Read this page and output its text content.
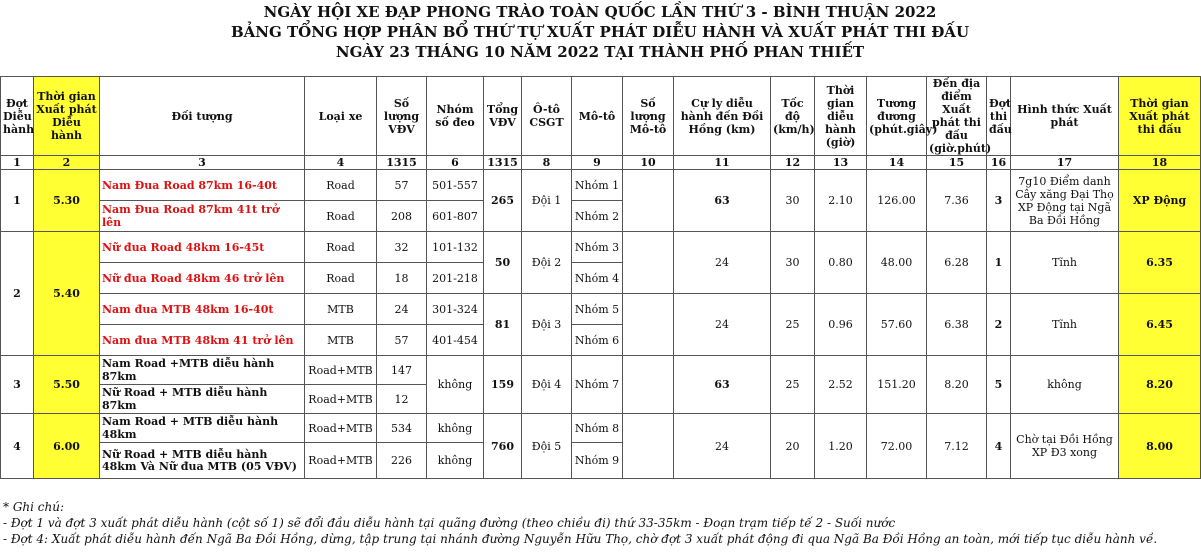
NGÀY HỘI XE ĐẠP PHONG TRÀO TOÀN QUỐC LẦN THỨ 3 - BÌNH THUẬN 2022
BẢNG TỔNG HỢP PHÂN BỔ THỨ TỰ XUẤT PHÁT DIỄU HÀNH VÀ XUẤT PHÁT THI ĐẤU
NGÀY 23 THÁNG 10 NĂM 2022 TẠI THÀNH PHỐ PHAN THIẾT
Đợt Diễu hành	Thời gian Xuất phát Diễu hành	Đối tượng	Loại xe	Số lượng VĐV	Nhóm số đeo	Tổng VĐV	Ô-tô CSGT	Mô-tô	Số lượng Mô-tô	Cự ly diễu hành đến Đồi Hồng (km)	Tốc độ (km/h)	Thời gian diễu hành (giờ)	Tương đương (phút.giây)	Đến địa điểm Xuất phát thi đấu (giờ.phút)	Đợt thi đấu	Hình thức Xuất phát	Thời gian Xuất phát thi đấu
1	2	3	4	1315	6	1315	8	9	10	11	12	13	14	15	16	17	18
1	5.30	Nam Đua Road 87km 16-40t	Road	57	501-557	265	Đội 1	Nhóm 1		63	30	2.10	126.00	7.36	3	7g10 Điểm danh Cây xăng Đại Thọ XP Động tại Ngã Ba Đồi Hồng	XP Động
		Nam Đua Road 87km 41t trở lên	Road	208	601-807			Nhóm 2									
2	5.40	Nữ đua Road 48km 16-45t	Road	32	101-132	50	Đội 2	Nhóm 3		24	30	0.80	48.00	6.28	1	Tĩnh	6.35
		Nữ đua Road 48km 46 trở lên	Road	18	201-218			Nhóm 4									
		Nam đua MTB 48km 16-40t	MTB	24	301-324	81	Đội 3	Nhóm 5		24	25	0.96	57.60	6.38	2	Tĩnh	6.45
		Nam đua MTB 48km 41 trở lên	MTB	57	401-454			Nhóm 6									
3	5.50	Nam Road +MTB diễu hành 87km	Road+MTB	147	không	159	Đội 4	Nhóm 7		63	25	2.52	151.20	8.20	5	không	8.20
		Nữ Road + MTB diễu hành 87km	Road+MTB	12													
4	6.00	Nam Road + MTB diễu hành 48km	Road+MTB	534	không	760	Đội 5	Nhóm 8		24	20	1.20	72.00	7.12	4	Chờ tại Đồi Hồng XP Đ3 xong	8.00
		Nữ Road + MTB diễu hành 48km Và Nữ đua MTB (05 VĐV)	Road+MTB	226	không			Nhóm 9									
* Ghi chú:
- Đợt 1 và đợt 3 xuất phát diễu hành (cột số 1) sẽ đổi đầu diễu hành tại quãng đường (theo chiều đi) thứ 33-35km - Đoạn trạm tiếp tế 2 - Suối nước
- Đợt 4: Xuất phát diễu hành đến Ngã Ba Đồi Hồng, dừng, tập trung tại nhánh đường Nguyễn Hữu Thọ, chờ đợt 3 xuất phát động đi qua Ngã Ba Đồi Hồng an toàn, mới tiếp tục diễu hành về.
